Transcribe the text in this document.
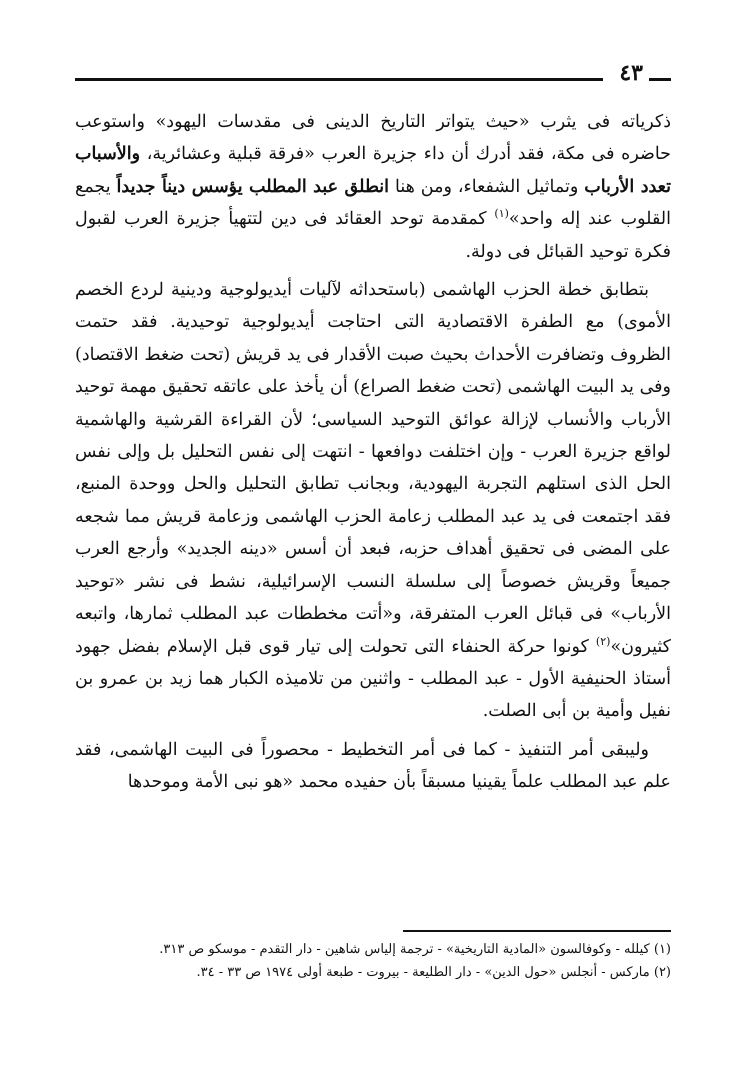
٤٣

ذكرياته فى يثرب «حيث يتواتر التاريخ الدينى فى مقدسات اليهود» واستوعب حاضره فى مكة، فقد أدرك أن داء جزيرة العرب «فرقة قبلية وعشائرية، والأسباب تعدد الأرباب وتماثيل الشفعاء، ومن هنا انطلق عبد المطلب يؤسس ديناً جديداً يجمع القلوب عند إله واحد»$^{(١)}$ كمقدمة توحد العقائد فى دين لتتهيأ جزيرة العرب لقبول فكرة توحيد القبائل فى دولة.

بتطابق خطة الحزب الهاشمى (باستحداثه لآليات أيديولوجية ودينية لردع الخصم الأموى) مع الطفرة الاقتصادية التى احتاجت أيديولوجية توحيدية. فقد حتمت الظروف وتضافرت الأحداث بحيث صبت الأقدار فى يد قريش (تحت ضغط الاقتصاد) وفى يد البيت الهاشمى (تحت ضغط الصراع) أن يأخذ على عاتقه تحقيق مهمة توحيد الأرباب والأنساب لإزالة عوائق التوحيد السياسى؛ لأن القراءة القرشية والهاشمية لواقع جزيرة العرب - وإن اختلفت دوافعها - انتهت إلى نفس التحليل بل وإلى نفس الحل الذى استلهم التجربة اليهودية، وبجانب تطابق التحليل والحل ووحدة المنبع، فقد اجتمعت فى يد عبد المطلب زعامة الحزب الهاشمى وزعامة قريش مما شجعه على المضى فى تحقيق أهداف حزبه، فبعد أن أسس «دينه الجديد» وأرجع العرب جميعاً وقريش خصوصاً إلى سلسلة النسب الإسرائيلية، نشط فى نشر «توحيد الأرباب» فى قبائل العرب المتفرقة، و«أتت مخططات عبد المطلب ثمارها، واتبعه كثيرون»$^{(٢)}$ كونوا حركة الحنفاء التى تحولت إلى تيار قوى قبل الإسلام بفضل جهود أستاذ الحنيفية الأول - عبد المطلب - واثنين من تلاميذه الكبار هما زيد بن عمرو بن نفيل وأمية بن أبى الصلت.

وليبقى أمر التنفيذ - كما فى أمر التخطيط - محصوراً فى البيت الهاشمى، فقد علم عبد المطلب علماً يقينيا مسبقاً بأن حفيده محمد «هو نبى الأمة وموحدها

(١) كيلله - وكوفالسون «المادية التاريخية» - ترجمة إلياس شاهين - دار التقدم - موسكو ص ٣١٣.

(٢) ماركس - أنجلس «حول الدين» - دار الطليعة - بيروت - طبعة أولى ١٩٧٤ ص ٣٣ - ٣٤.
